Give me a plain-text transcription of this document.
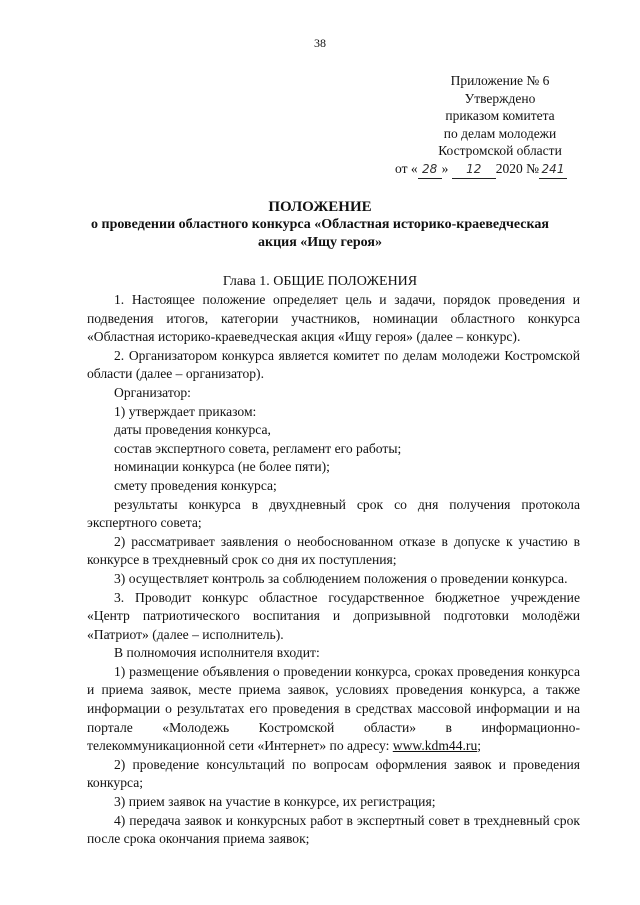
38
Приложение № 6
Утверждено
приказом комитета
по делам молодежи
Костромской области
от « 28 » 12 2020 № 241
ПОЛОЖЕНИЕ
о проведении областного конкурса «Областная историко-краеведческая
акция «Ищу героя»
Глава 1. ОБЩИЕ ПОЛОЖЕНИЯ
1. Настоящее положение определяет цель и задачи, порядок проведения и подведения итогов, категории участников, номинации областного конкурса «Областная историко-краеведческая акция «Ищу героя» (далее – конкурс).
2. Организатором конкурса является комитет по делам молодежи Костромской области (далее – организатор).
Организатор:
1) утверждает приказом:
даты проведения конкурса,
состав экспертного совета, регламент его работы;
номинации конкурса (не более пяти);
смету проведения конкурса;
результаты конкурса в двухдневный срок со дня получения протокола экспертного совета;
2) рассматривает заявления о необоснованном отказе в допуске к участию в конкурсе в трехдневный срок со дня их поступления;
3) осуществляет контроль за соблюдением положения о проведении конкурса.
3. Проводит конкурс областное государственное бюджетное учреждение «Центр патриотического воспитания и допризывной подготовки молодёжи «Патриот» (далее – исполнитель).
В полномочия исполнителя входит:
1) размещение объявления о проведении конкурса, сроках проведения конкурса и приема заявок, месте приема заявок, условиях проведения конкурса, а также информации о результатах его проведения в средствах массовой информации и на портале «Молодежь Костромской области» в информационно-телекоммуникационной сети «Интернет» по адресу: www.kdm44.ru;
2) проведение консультаций по вопросам оформления заявок и проведения конкурса;
3) прием заявок на участие в конкурсе, их регистрация;
4) передача заявок и конкурсных работ в экспертный совет в трехдневный срок после срока окончания приема заявок;
